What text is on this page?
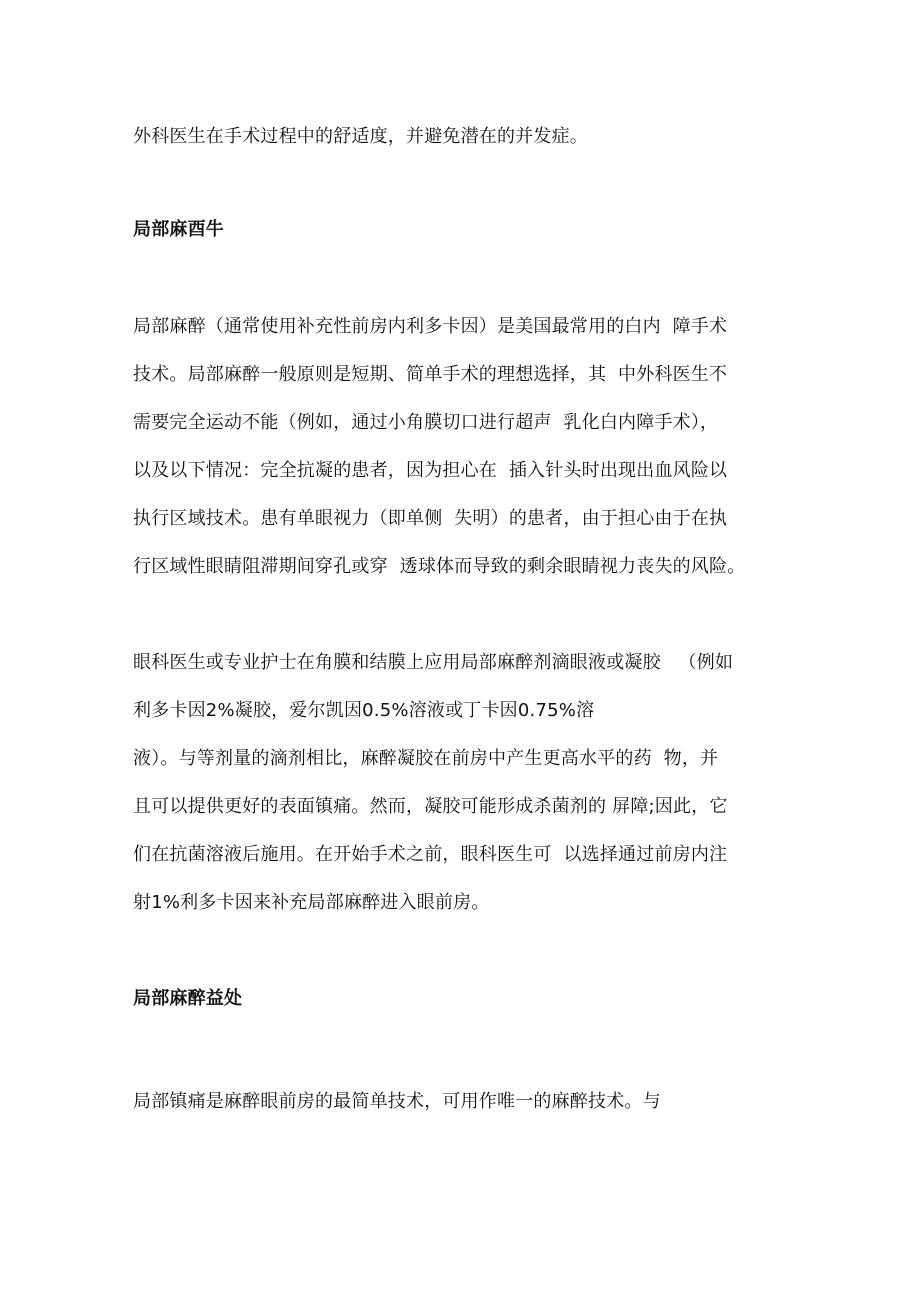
外科医生在手术过程中的舒适度，并避免潜在的并发症。
局部麻酉牛
局部麻醉（通常使用补充性前房内利多卡因）是美国最常用的白内  障手术
技术。局部麻醉一般原则是短期、简单手术的理想选择，其  中外科医生不
需要完全运动不能（例如，通过小角膜切口进行超声  乳化白内障手术），
以及以下情况：完全抗凝的患者，因为担心在  插入针头时出现出血风险以
执行区域技术。患有单眼视力（即单侧  失明）的患者，由于担心由于在执
行区域性眼睛阻滞期间穿孔或穿  透球体而导致的剩余眼睛视力丧失的风险。
眼科医生或专业护士在角膜和结膜上应用局部麻醉剂滴眼液或凝胶   （例如
利多卡因2%凝胶，爱尔凯因0.5%溶液或丁卡因0.75%溶
液）。与等剂量的滴剂相比，麻醉凝胶在前房中产生更高水平的药  物，并
且可以提供更好的表面镇痛。然而，凝胶可能形成杀菌剂的 屏障;因此，它
们在抗菌溶液后施用。在开始手术之前，眼科医生可  以选择通过前房内注
射1%利多卡因来补充局部麻醉进入眼前房。
局部麻醉益处
局部镇痛是麻醉眼前房的最简单技术，可用作唯一的麻醉技术。与
